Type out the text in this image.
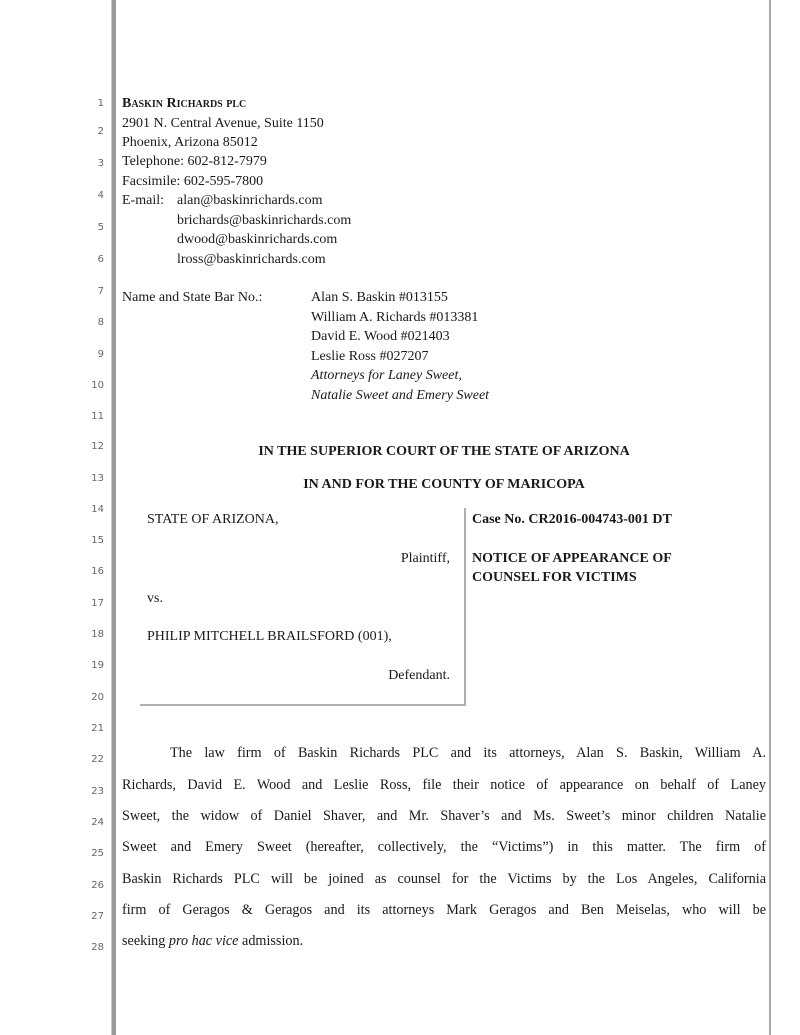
1
2
3
4
5
6
7
8
9
10
11
12
13
14
15
16
17
18
19
20
21
22
23
24
25
26
27
28
Baskin Richards plc
2901 N. Central Avenue, Suite 1150
Phoenix, Arizona 85012
Telephone: 602-812-7979
Facsimile: 602-595-7800
E-mail: alan@baskinrichards.com
brichards@baskinrichards.com
dwood@baskinrichards.com
lross@baskinrichards.com
Name and State Bar No.:	Alan S. Baskin #013155
William A. Richards #013381
David E. Wood #021403
Leslie Ross #027207
Attorneys for Laney Sweet,
Natalie Sweet and Emery Sweet
IN THE SUPERIOR COURT OF THE STATE OF ARIZONA
IN AND FOR THE COUNTY OF MARICOPA
STATE OF ARIZONA,
Plaintiff,
vs.
PHILIP MITCHELL BRAILSFORD (001),
Defendant.
Case No. CR2016-004743-001 DT
NOTICE OF APPEARANCE OF
COUNSEL FOR VICTIMS
The law firm of Baskin Richards PLC and its attorneys, Alan S. Baskin, William A.
Richards, David E. Wood and Leslie Ross, file their notice of appearance on behalf of Laney
Sweet, the widow of Daniel Shaver, and Mr. Shaver’s and Ms. Sweet’s minor children Natalie
Sweet and Emery Sweet (hereafter, collectively, the “Victims”) in this matter. The firm of
Baskin Richards PLC will be joined as counsel for the Victims by the Los Angeles, California
firm of Geragos & Geragos and its attorneys Mark Geragos and Ben Meiselas, who will be
seeking pro hac vice admission.
